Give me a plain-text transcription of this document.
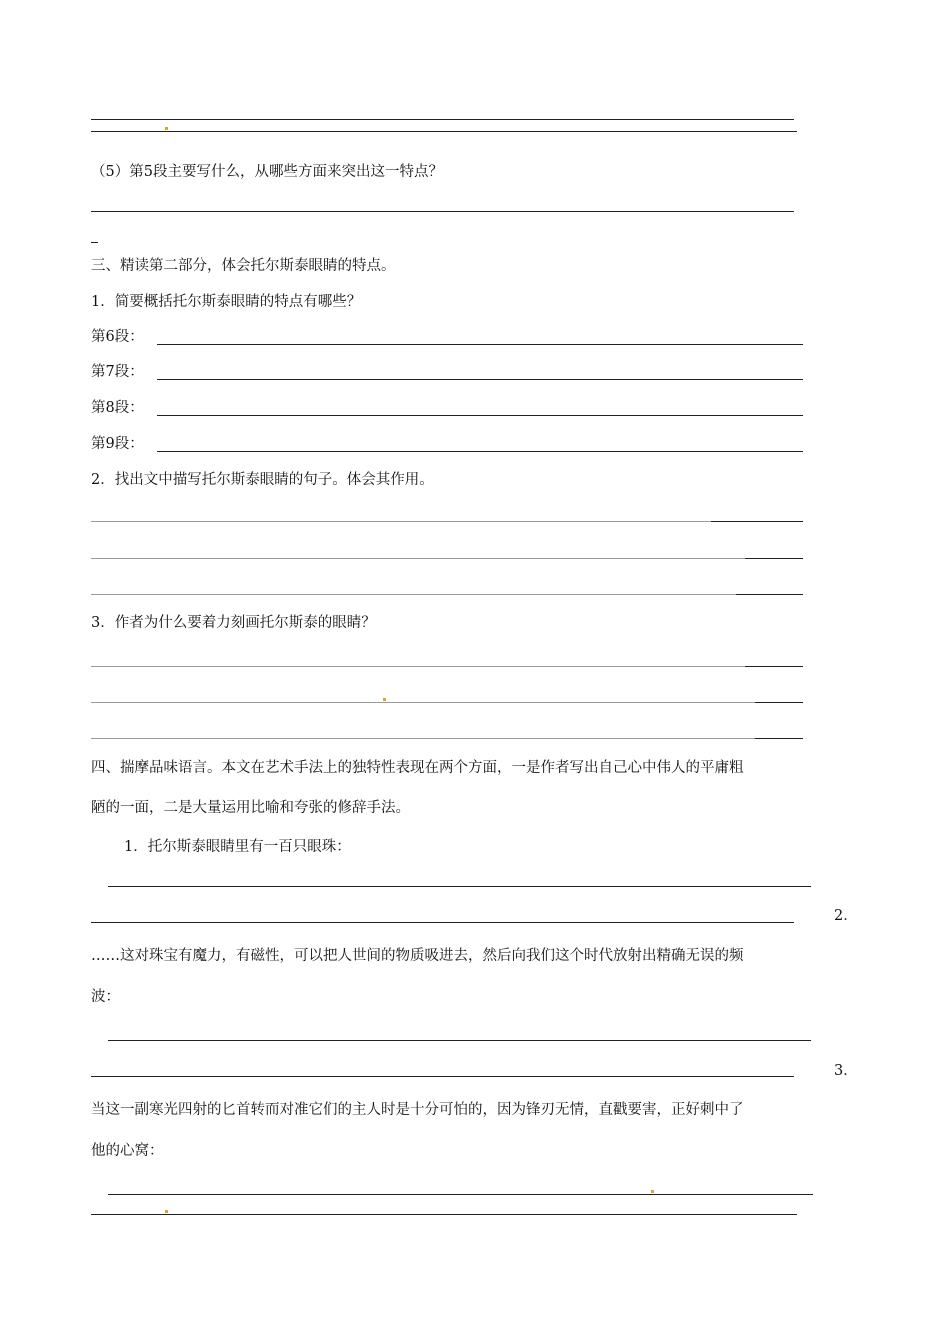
（5）第5段主要写什么，从哪些方面来突出这一特点？
三、精读第二部分，体会托尔斯泰眼睛的特点。
1．简要概括托尔斯泰眼睛的特点有哪些？
第6段：
第7段：
第8段：
第9段：
2．找出文中描写托尔斯泰眼睛的句子。体会其作用。
3．作者为什么要着力刻画托尔斯泰的眼睛？
四、揣摩品味语言。本文在艺术手法上的独特性表现在两个方面，一是作者写出自己心中伟人的平庸粗
陋的一面，二是大量运用比喻和夸张的修辞手法。
1．托尔斯泰眼睛里有一百只眼珠：
2．
……这对珠宝有魔力，有磁性，可以把人世间的物质吸进去，然后向我们这个时代放射出精确无误的频
波：
3．
当这一副寒光四射的匕首转而对准它们的主人时是十分可怕的，因为锋刃无情，直戳要害，正好刺中了
他的心窝：
